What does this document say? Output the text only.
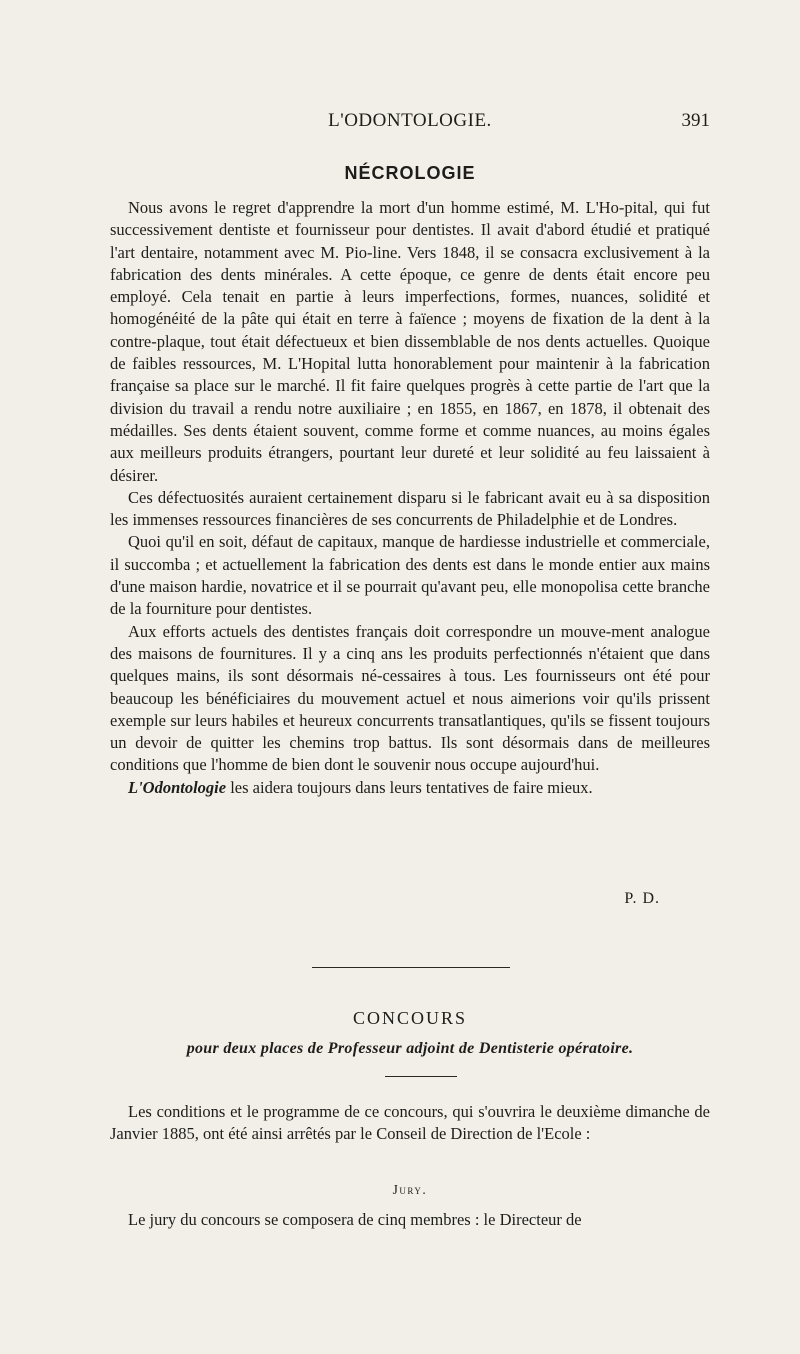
L'ODONTOLOGIE.	391
NÉCROLOGIE

Nous avons le regret d'apprendre la mort d'un homme estimé, M. L'Ho-pital, qui fut successivement dentiste et fournisseur pour dentistes. Il avait d'abord étudié et pratiqué l'art dentaire, notamment avec M. Pio-line. Vers 1848, il se consacra exclusivement à la fabrication des dents minérales. A cette époque, ce genre de dents était encore peu employé. Cela tenait en partie à leurs imperfections, formes, nuances, solidité et homogénéité de la pâte qui était en terre à faïence ; moyens de fixation de la dent à la contre-plaque, tout était défectueux et bien dissemblable de nos dents actuelles. Quoique de faibles ressources, M. L'Hopital lutta honorablement pour maintenir à la fabrication française sa place sur le marché. Il fit faire quelques progrès à cette partie de l'art que la division du travail a rendu notre auxiliaire ; en 1855, en 1867, en 1878, il obtenait des médailles. Ses dents étaient souvent, comme forme et comme nuances, au moins égales aux meilleurs produits étrangers, pourtant leur dureté et leur solidité au feu laissaient à désirer.

Ces défectuosités auraient certainement disparu si le fabricant avait eu à sa disposition les immenses ressources financières de ses concurrents de Philadelphie et de Londres.

Quoi qu'il en soit, défaut de capitaux, manque de hardiesse industrielle et commerciale, il succomba ; et actuellement la fabrication des dents est dans le monde entier aux mains d'une maison hardie, novatrice et il se pourrait qu'avant peu, elle monopolisa cette branche de la fourniture pour dentistes.

Aux efforts actuels des dentistes français doit correspondre un mouve-ment analogue des maisons de fournitures. Il y a cinq ans les produits perfectionnés n'étaient que dans quelques mains, ils sont désormais né-cessaires à tous. Les fournisseurs ont été pour beaucoup les bénéficiaires du mouvement actuel et nous aimerions voir qu'ils prissent exemple sur leurs habiles et heureux concurrents transatlantiques, qu'ils se fissent toujours un devoir de quitter les chemins trop battus. Ils sont désormais dans de meilleures conditions que l'homme de bien dont le souvenir nous occupe aujourd'hui.

L'Odontologie les aidera toujours dans leurs tentatives de faire mieux.

P. D.
CONCOURS
pour deux places de Professeur adjoint de Dentisterie opératoire.

Les conditions et le programme de ce concours, qui s'ouvrira le deuxième dimanche de Janvier 1885, ont été ainsi arrêtés par le Conseil de Direction de l'Ecole :

Jury.

Le jury du concours se composera de cinq membres : le Directeur de
